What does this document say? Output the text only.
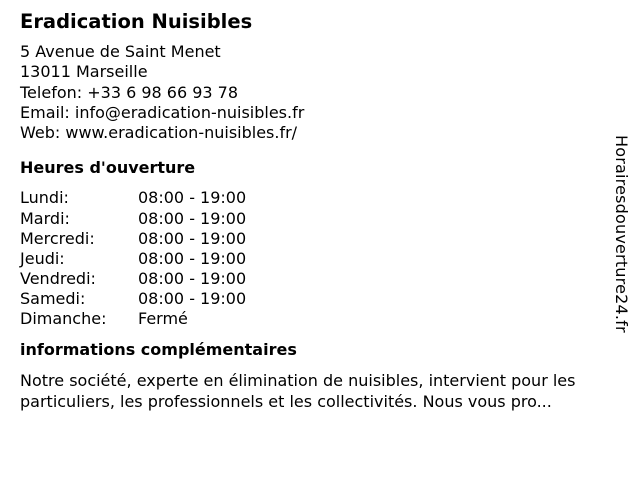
Eradication Nuisibles
5 Avenue de Saint Menet
13011 Marseille
Telefon: +33 6 98 66 93 78
Email: info@eradication-nuisibles.fr
Web: www.eradication-nuisibles.fr/
Heures d'ouverture
Lundi:	08:00 - 19:00
Mardi:	08:00 - 19:00
Mercredi:	08:00 - 19:00
Jeudi:	08:00 - 19:00
Vendredi:	08:00 - 19:00
Samedi:	08:00 - 19:00
Dimanche:	Fermé
informations complémentaires
Notre société, experte en élimination de nuisibles, intervient pour les particuliers, les professionnels et les collectivités. Nous vous pro...
Horairesdouverture24.fr
